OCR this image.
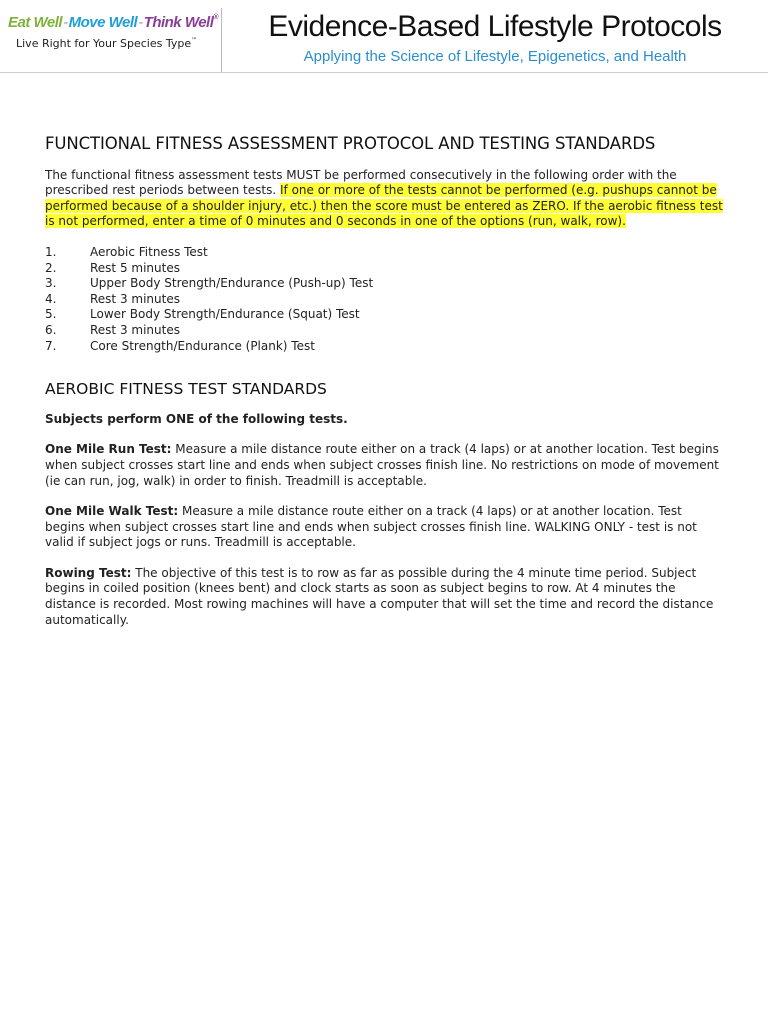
Eat Well-Move Well-Think Well®
Live Right for Your Species Type™	Evidence-Based Lifestyle Protocols
Applying the Science of Lifestyle, Epigenetics, and Health
FUNCTIONAL FITNESS ASSESSMENT PROTOCOL AND TESTING STANDARDS

The functional fitness assessment tests MUST be performed consecutively in the following order with the prescribed rest periods between tests. If one or more of the tests cannot be performed (e.g. pushups cannot be performed because of a shoulder injury, etc.) then the score must be entered as ZERO. If the aerobic fitness test is not performed, enter a time of 0 minutes and 0 seconds in one of the options (run, walk, row).

1.	Aerobic Fitness Test
2.	Rest 5 minutes
3.	Upper Body Strength/Endurance (Push-up) Test
4.	Rest 3 minutes
5.	Lower Body Strength/Endurance (Squat) Test
6.	Rest 3 minutes
7.	Core Strength/Endurance (Plank) Test
AEROBIC FITNESS TEST STANDARDS

Subjects perform ONE of the following tests.

One Mile Run Test: Measure a mile distance route either on a track (4 laps) or at another location. Test begins when subject crosses start line and ends when subject crosses finish line. No restrictions on mode of movement (ie can run, jog, walk) in order to finish. Treadmill is acceptable.

One Mile Walk Test: Measure a mile distance route either on a track (4 laps) or at another location. Test begins when subject crosses start line and ends when subject crosses finish line. WALKING ONLY - test is not valid if subject jogs or runs. Treadmill is acceptable.

Rowing Test: The objective of this test is to row as far as possible during the 4 minute time period. Subject begins in coiled position (knees bent) and clock starts as soon as subject begins to row. At 4 minutes the distance is recorded. Most rowing machines will have a computer that will set the time and record the distance automatically.
